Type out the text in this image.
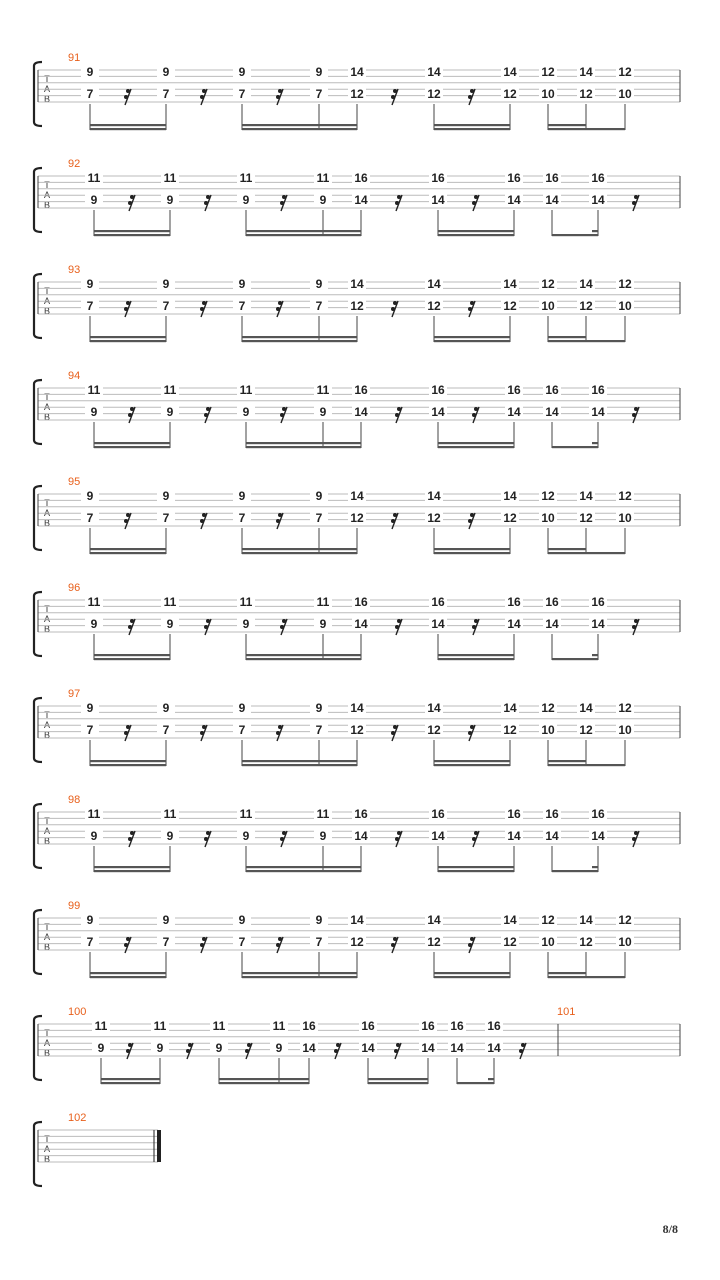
91
T
A
B
9	9	9	9 14	14	14 12 14 12
7	7	7	7 12	12	12 10 12 10
92
T
A
B
11	11	11	11 16	16	16 16	16
9	9	9	9 14	14	14 14	14
93
T
A
B
9	9	9	9 14	14	14 12 14 12
7	7	7	7 12	12	12 10 12 10
94
T
A
B
11	11	11	11 16	16	16 16	16
9	9	9	9 14	14	14 14	14
95
T
A
B
9	9	9	9 14	14	14 12 14 12
7	7	7	7 12	12	12 10 12 10
96
T
A
B
11	11	11	11 16	16	16 16	16
9	9	9	9 14	14	14 14	14
97
T
A
B
9	9	9	9 14	14	14 12 14 12
7	7	7	7 12	12	12 10 12 10
98
T
A
B
11	11	11	11 16	16	16 16	16
9	9	9	9 14	14	14 14	14
99
T
A
B
9	9	9	9 14	14	14 12 14 12
7	7	7	7 12	12	12 10 12 10
100
T
A
B
11	11	11	11 16	16	16 16 16
9	9	9	9 14	14	14 14 14
101
102
T
A
B
8/8
